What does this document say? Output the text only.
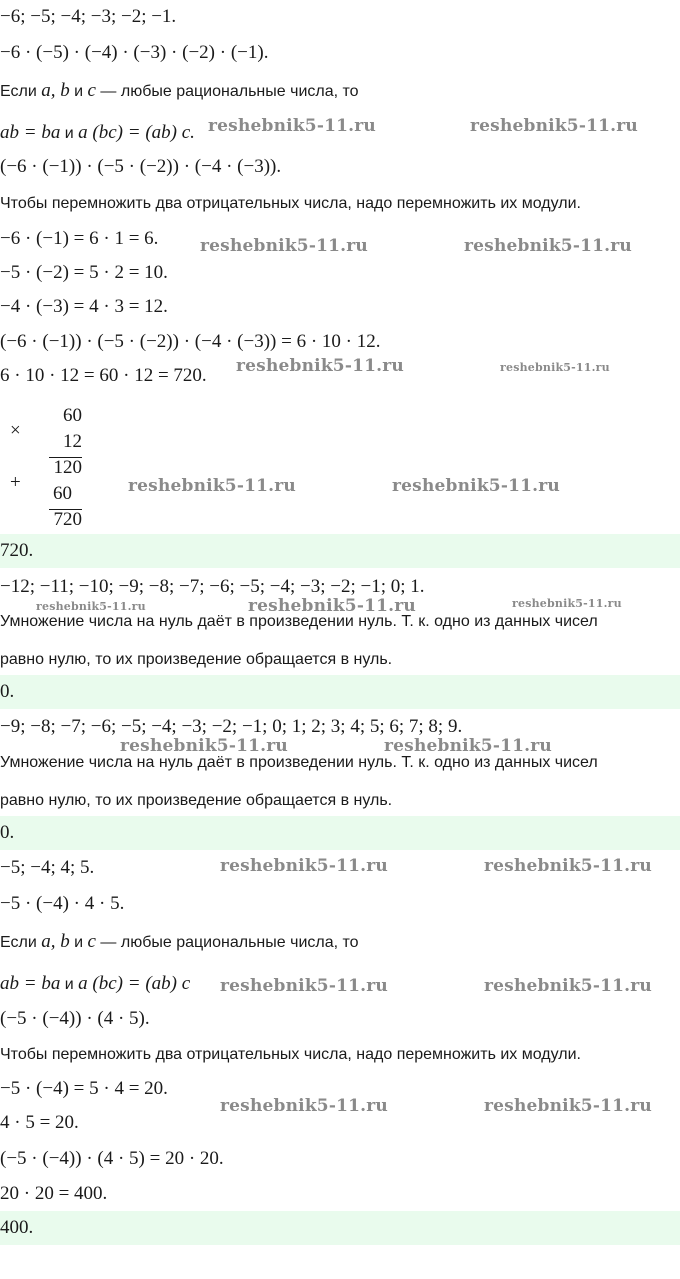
−6; −5; −4; −3; −2; −1.
−6 · (−5) · (−4) · (−3) · (−2) · (−1).
Если a, b и c — любые рациональные числа, то
ab = ba и a (bc) = (ab) c.
(−6 · (−1)) · (−5 · (−2)) · (−4 · (−3)).
Чтобы перемножить два отрицательных числа, надо перемножить их модули.
−6 · (−1) = 6 · 1 = 6.
−5 · (−2) = 5 · 2 = 10.
−4 · (−3) = 4 · 3 = 12.
(−6 · (−1)) · (−5 · (−2)) · (−4 · (−3)) = 6 · 10 · 12.
6 · 10 · 12 = 60 · 12 = 720.
×
60
12
120
+
60
720
720.
−12; −11; −10; −9; −8; −7; −6; −5; −4; −3; −2; −1; 0; 1.
Умножение числа на нуль даёт в произведении нуль. Т. к. одно из данных чисел
равно нулю, то их произведение обращается в нуль.
0.
−9; −8; −7; −6; −5; −4; −3; −2; −1; 0; 1; 2; 3; 4; 5; 6; 7; 8; 9.
Умножение числа на нуль даёт в произведении нуль. Т. к. одно из данных чисел
равно нулю, то их произведение обращается в нуль.
0.
−5; −4; 4; 5.
−5 · (−4) · 4 · 5.
Если a, b и c — любые рациональные числа, то
ab = ba и a (bc) = (ab) c
(−5 · (−4)) · (4 · 5).
Чтобы перемножить два отрицательных числа, надо перемножить их модули.
−5 · (−4) = 5 · 4 = 20.
4 · 5 = 20.
(−5 · (−4)) · (4 · 5) = 20 · 20.
20 · 20 = 400.
400.
reshebnik5-11.ru	reshebnik5-11.ru
reshebnik5-11.ru	reshebnik5-11.ru
reshebnik5-11.ru	reshebnik5-11.ru
reshebnik5-11.ru	reshebnik5-11.ru
reshebnik5-11.ru	reshebnik5-11.ru	reshebnik5-11.ru
reshebnik5-11.ru	reshebnik5-11.ru
reshebnik5-11.ru	reshebnik5-11.ru
reshebnik5-11.ru	reshebnik5-11.ru
reshebnik5-11.ru	reshebnik5-11.ru
